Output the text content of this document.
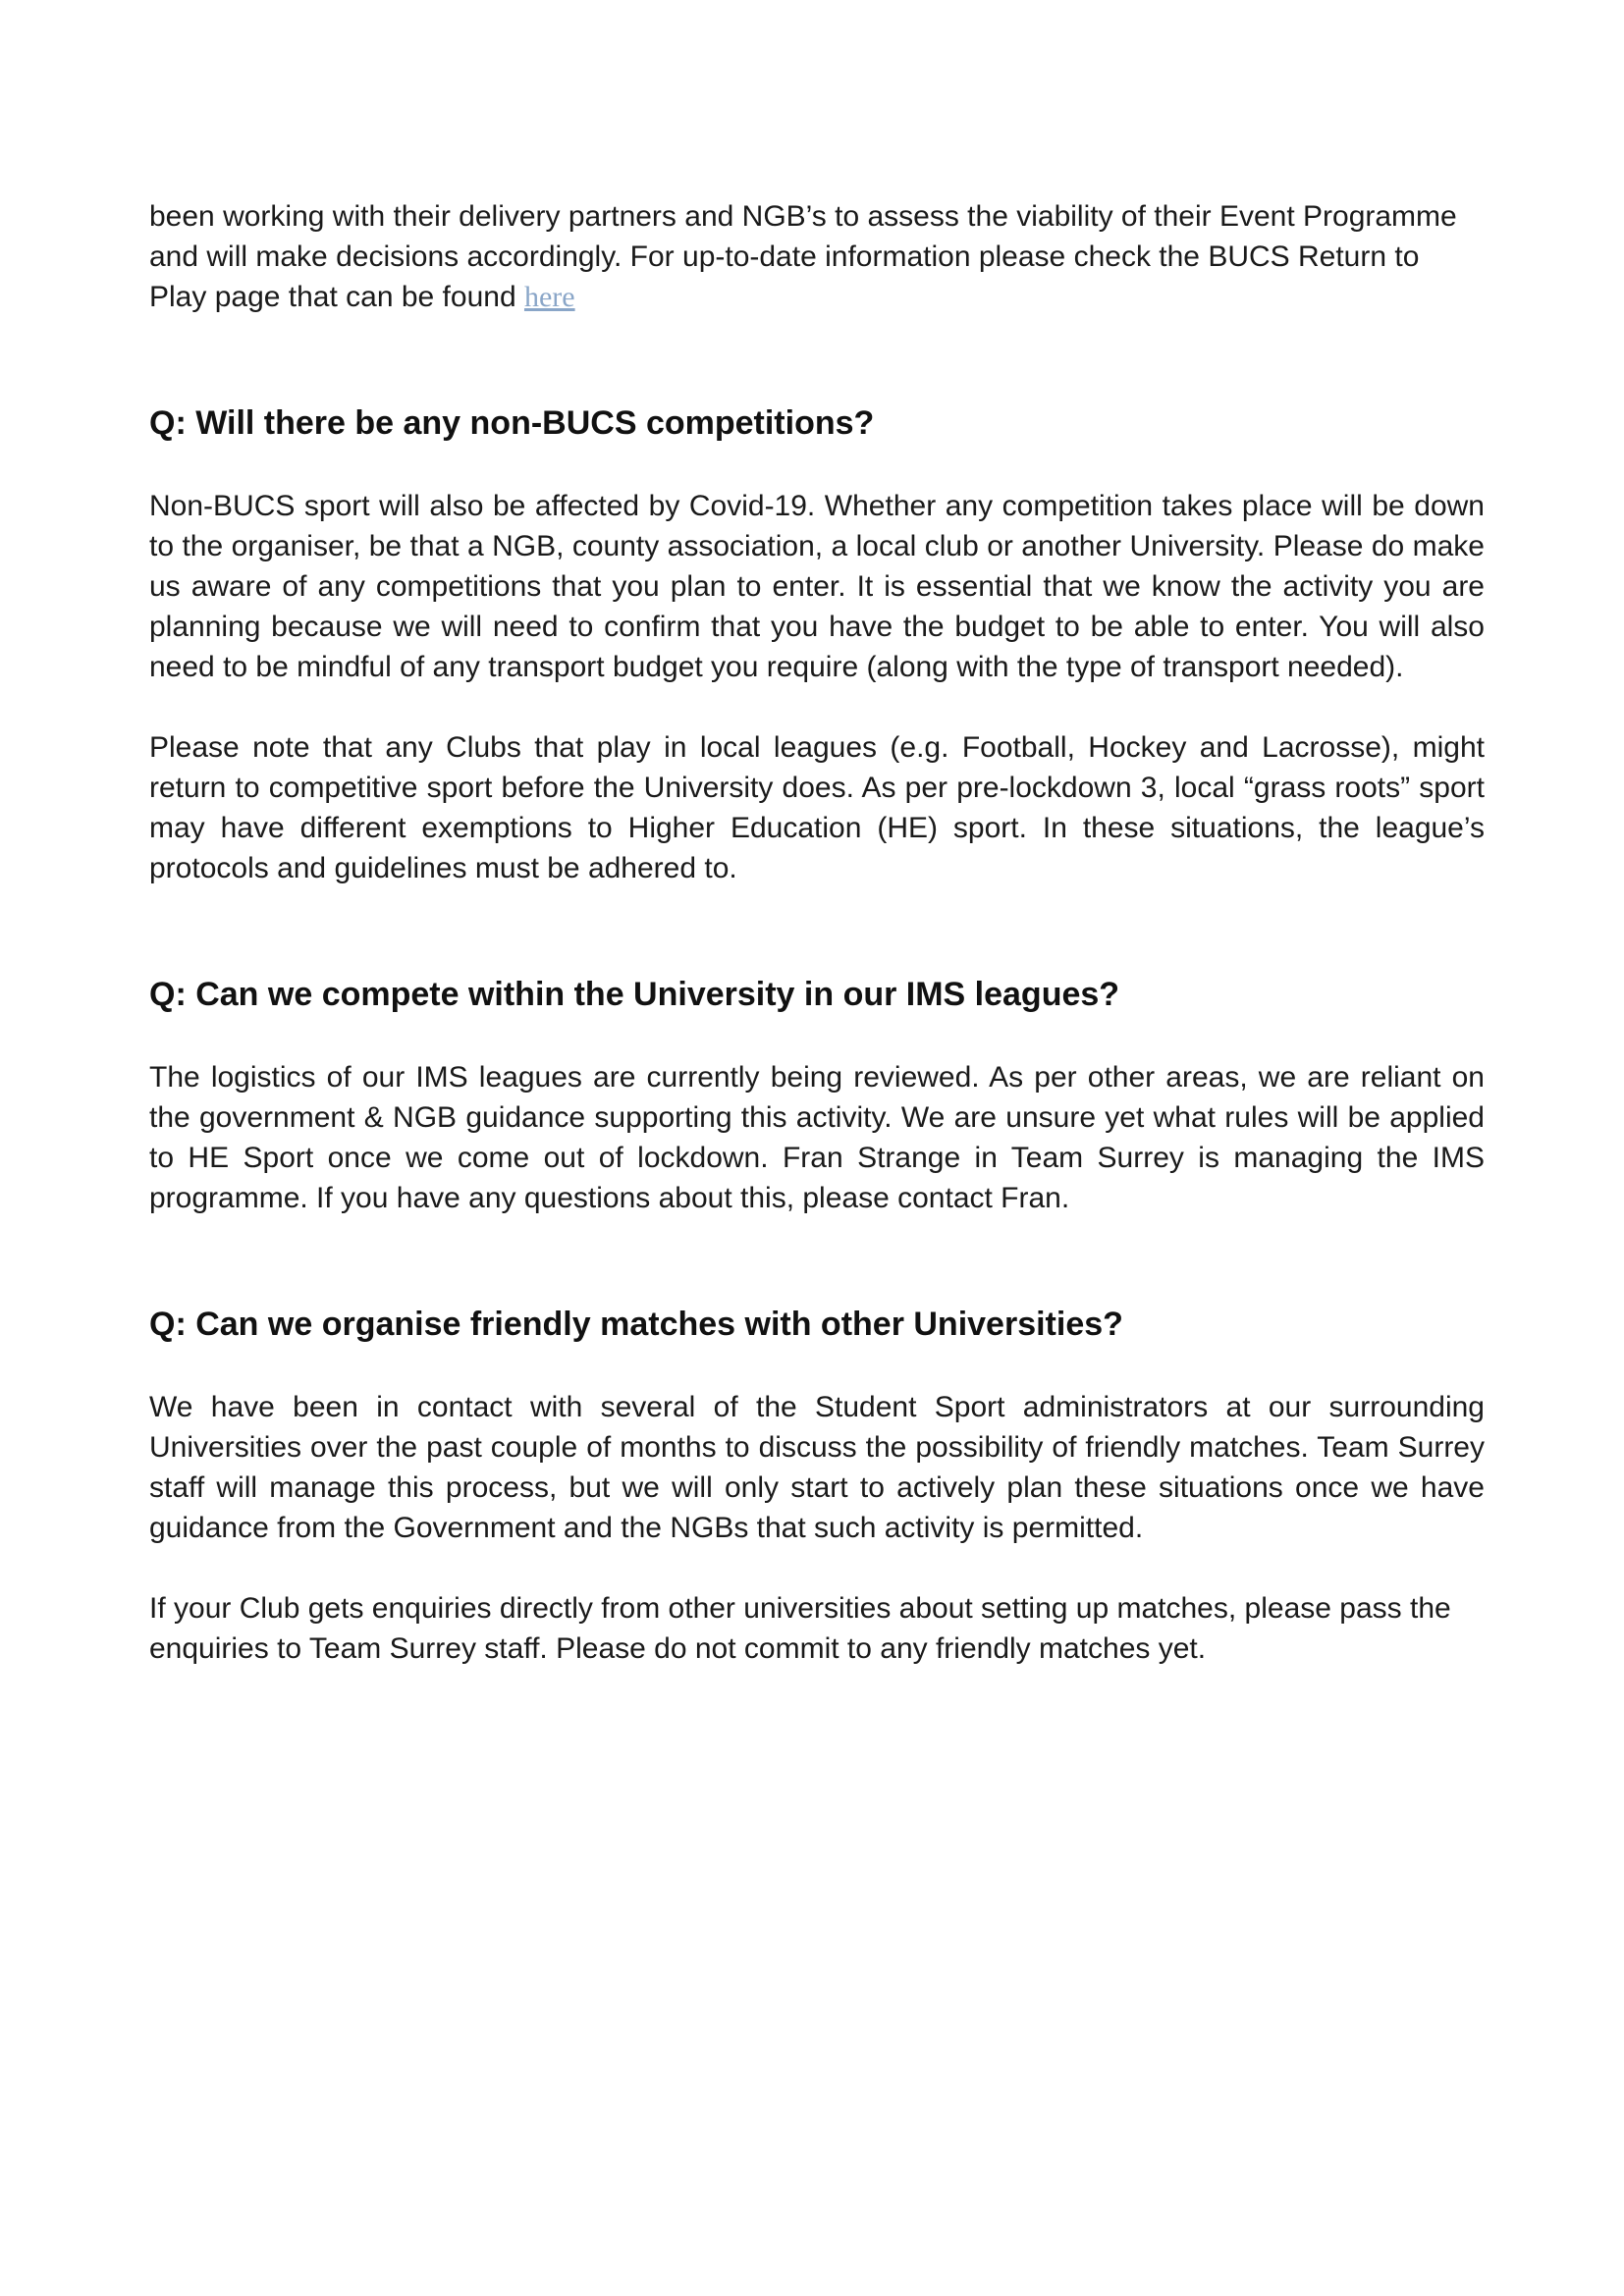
been working with their delivery partners and NGB’s to assess the viability of their Event Programme and will make decisions accordingly. For up-to-date information please check the BUCS Return to Play page that can be found here

Q: Will there be any non-BUCS competitions?

Non-BUCS sport will also be affected by Covid-19. Whether any competition takes place will be down to the organiser, be that a NGB, county association, a local club or another University. Please do make us aware of any competitions that you plan to enter. It is essential that we know the activity you are planning because we will need to confirm that you have the budget to be able to enter. You will also need to be mindful of any transport budget you require (along with the type of transport needed).

Please note that any Clubs that play in local leagues (e.g. Football, Hockey and Lacrosse), might return to competitive sport before the University does. As per pre-lockdown 3, local “grass roots” sport may have different exemptions to Higher Education (HE) sport. In these situations, the league’s protocols and guidelines must be adhered to.

Q: Can we compete within the University in our IMS leagues?

The logistics of our IMS leagues are currently being reviewed. As per other areas, we are reliant on the government & NGB guidance supporting this activity. We are unsure yet what rules will be applied to HE Sport once we come out of lockdown. Fran Strange in Team Surrey is managing the IMS programme. If you have any questions about this, please contact Fran.

Q: Can we organise friendly matches with other Universities?

We have been in contact with several of the Student Sport administrators at our surrounding Universities over the past couple of months to discuss the possibility of friendly matches. Team Surrey staff will manage this process, but we will only start to actively plan these situations once we have guidance from the Government and the NGBs that such activity is permitted.

If your Club gets enquiries directly from other universities about setting up matches, please pass the enquiries to Team Surrey staff. Please do not commit to any friendly matches yet.
